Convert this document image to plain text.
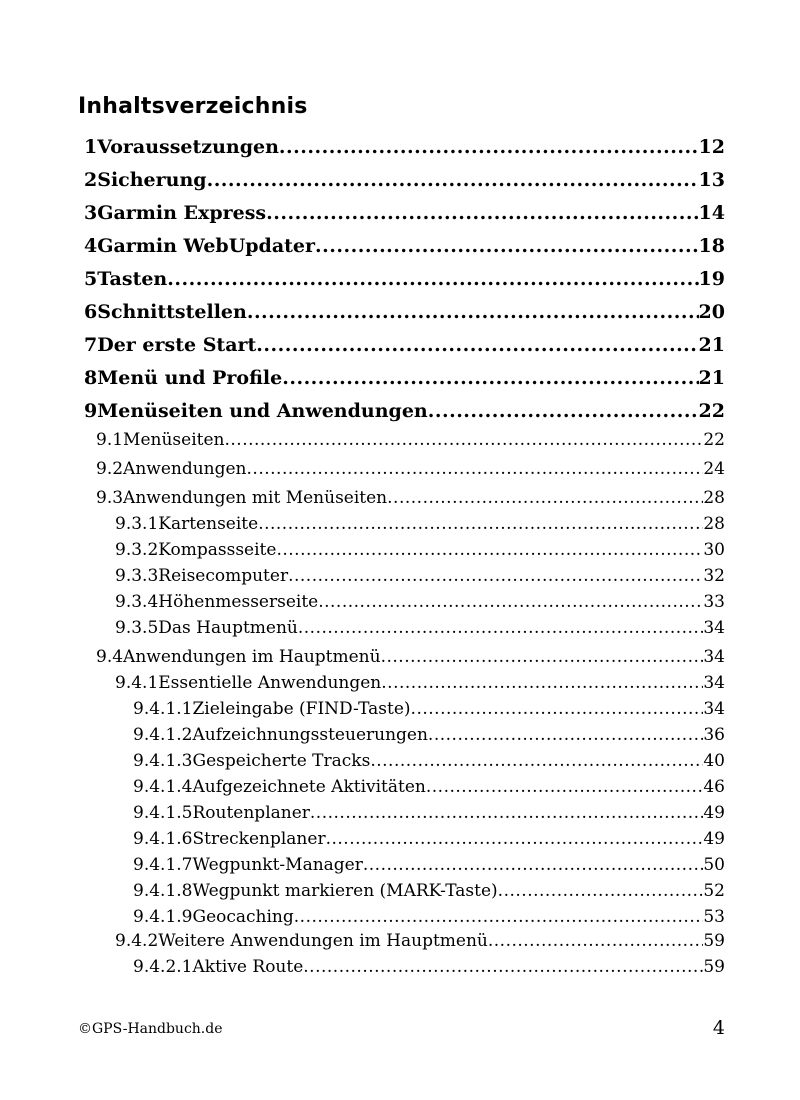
Inhaltsverzeichnis
1 Voraussetzungen .....	12
2 Sicherung .....	13
3 Garmin Express .....	14
4 Garmin WebUpdater .....	18
5 Tasten .....	19
6 Schnittstellen .....	20
7 Der erste Start .....	21
8 Menü und Profile .....	21
9 Menüseiten und Anwendungen .....	22
9.1 Menüseiten .....	22
9.2 Anwendungen .....	24
9.3 Anwendungen mit Menüseiten .....	28
9.3.1 Kartenseite .....	28
9.3.2 Kompassseite .....	30
9.3.3 Reisecomputer .....	32
9.3.4 Höhenmesserseite .....	33
9.3.5 Das Hauptmenü .....	34
9.4 Anwendungen im Hauptmenü .....	34
9.4.1 Essentielle Anwendungen .....	34
9.4.1.1 Zieleingabe (FIND-Taste) .....	34
9.4.1.2 Aufzeichnungssteuerungen .....	36
9.4.1.3 Gespeicherte Tracks .....	40
9.4.1.4 Aufgezeichnete Aktivitäten .....	46
9.4.1.5 Routenplaner .....	49
9.4.1.6 Streckenplaner .....	49
9.4.1.7 Wegpunkt-Manager .....	50
9.4.1.8 Wegpunkt markieren (MARK-Taste) .....	52
9.4.1.9 Geocaching .....	53
9.4.2 Weitere Anwendungen im Hauptmenü .....	59
9.4.2.1 Aktive Route .....	59
©GPS-Handbuch.de	4
